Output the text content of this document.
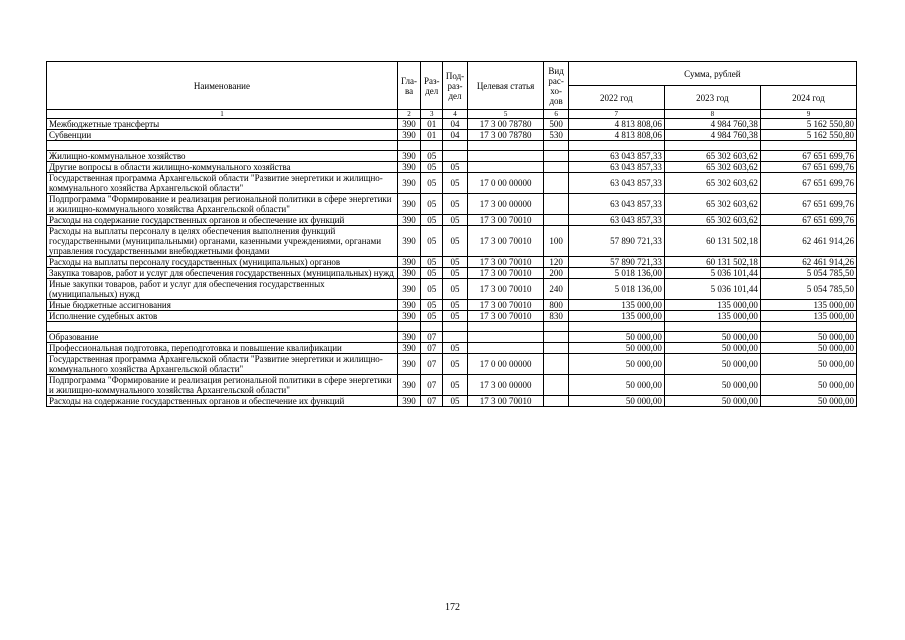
Наименование	Гла-ва	Раз-дел	Под-раз-дел	Целевая статья	Вид рас-хо-дов	Сумма, рублей		
						2022 год	2023 год	2024 год
1	2	3	4	5	6	7	8	9
Межбюджетные трансферты	390	01	04	17 3 00 78780	500	4 813 808,06	4 984 760,38	5 162 550,80
Субвенции	390	01	04	17 3 00 78780	530	4 813 808,06	4 984 760,38	5 162 550,80

Жилищно-коммунальное хозяйство	390	05				63 043 857,33	65 302 603,62	67 651 699,76
Другие вопросы в области жилищно-коммунального хозяйства	390	05	05			63 043 857,33	65 302 603,62	67 651 699,76
Государственная программа Архангельской области "Развитие энергетики и жилищно-коммунального хозяйства Архангельской области"	390	05	05	17 0 00 00000		63 043 857,33	65 302 603,62	67 651 699,76
Подпрограмма "Формирование и реализация региональной политики в сфере энергетики и жилищно-коммунального хозяйства Архангельской области"	390	05	05	17 3 00 00000		63 043 857,33	65 302 603,62	67 651 699,76
Расходы на содержание государственных органов и обеспечение их функций	390	05	05	17 3 00 70010		63 043 857,33	65 302 603,62	67 651 699,76
Расходы на выплаты персоналу в целях обеспечения выполнения функций государственными (муниципальными) органами, казенными учреждениями, органами управления государственными внебюджетными фондами	390	05	05	17 3 00 70010	100	57 890 721,33	60 131 502,18	62 461 914,26
Расходы на выплаты персоналу государственных (муниципальных) органов	390	05	05	17 3 00 70010	120	57 890 721,33	60 131 502,18	62 461 914,26
Закупка товаров, работ и услуг для обеспечения государственных (муниципальных) нужд	390	05	05	17 3 00 70010	200	5 018 136,00	5 036 101,44	5 054 785,50
Иные закупки товаров, работ и услуг для обеспечения государственных (муниципальных) нужд	390	05	05	17 3 00 70010	240	5 018 136,00	5 036 101,44	5 054 785,50
Иные бюджетные ассигнования	390	05	05	17 3 00 70010	800	135 000,00	135 000,00	135 000,00
Исполнение судебных актов	390	05	05	17 3 00 70010	830	135 000,00	135 000,00	135 000,00

Образование	390	07				50 000,00	50 000,00	50 000,00
Профессиональная подготовка, переподготовка и повышение квалификации	390	07	05			50 000,00	50 000,00	50 000,00
Государственная программа Архангельской области "Развитие энергетики и жилищно-коммунального хозяйства Архангельской области"	390	07	05	17 0 00 00000		50 000,00	50 000,00	50 000,00
Подпрограмма "Формирование и реализация региональной политики в сфере энергетики и жилищно-коммунального хозяйства Архангельской области"	390	07	05	17 3 00 00000		50 000,00	50 000,00	50 000,00
Расходы на содержание государственных органов и обеспечение их функций	390	07	05	17 3 00 70010		50 000,00	50 000,00	50 000,00
172
